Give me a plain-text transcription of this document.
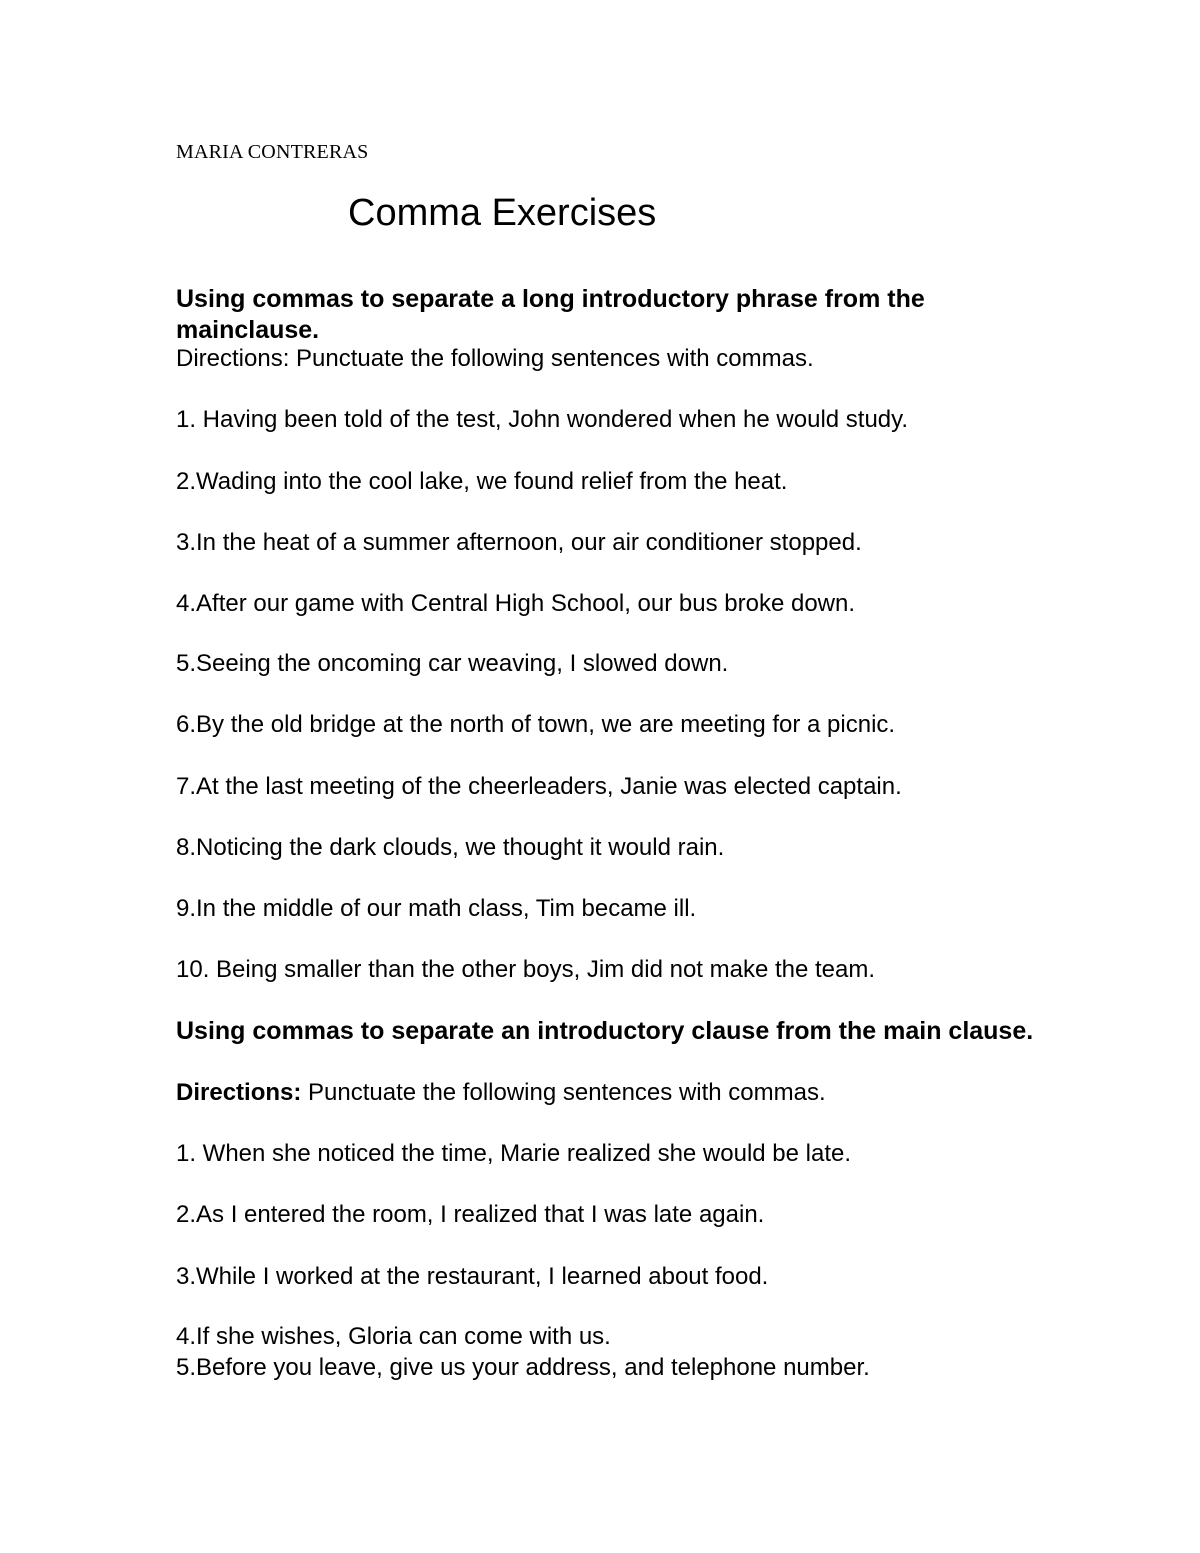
MARIA CONTRERAS
Comma Exercises
Using commas to separate a long introductory phrase from the mainclause.
Directions: Punctuate the following sentences with commas.
1. Having been told of the test, John wondered when he would study.
2.Wading into the cool lake, we found relief from the heat.
3.In the heat of a summer afternoon, our air conditioner stopped.
4.After our game with Central High School, our bus broke down.
5.Seeing the oncoming car weaving, I slowed down.
6.By the old bridge at the north of town, we are meeting for a picnic.
7.At the last meeting of the cheerleaders, Janie was elected captain.
8.Noticing the dark clouds, we thought it would rain.
9.In the middle of our math class, Tim became ill.
10. Being smaller than the other boys, Jim did not make the team.
Using commas to separate an introductory clause from the main clause.
Directions: Punctuate the following sentences with commas.
1. When she noticed the time, Marie realized she would be late.
2.As I entered the room, I realized that I was late again.
3.While I worked at the restaurant, I learned about food.
4.If she wishes, Gloria can come with us.
5.Before you leave, give us your address, and telephone number.
